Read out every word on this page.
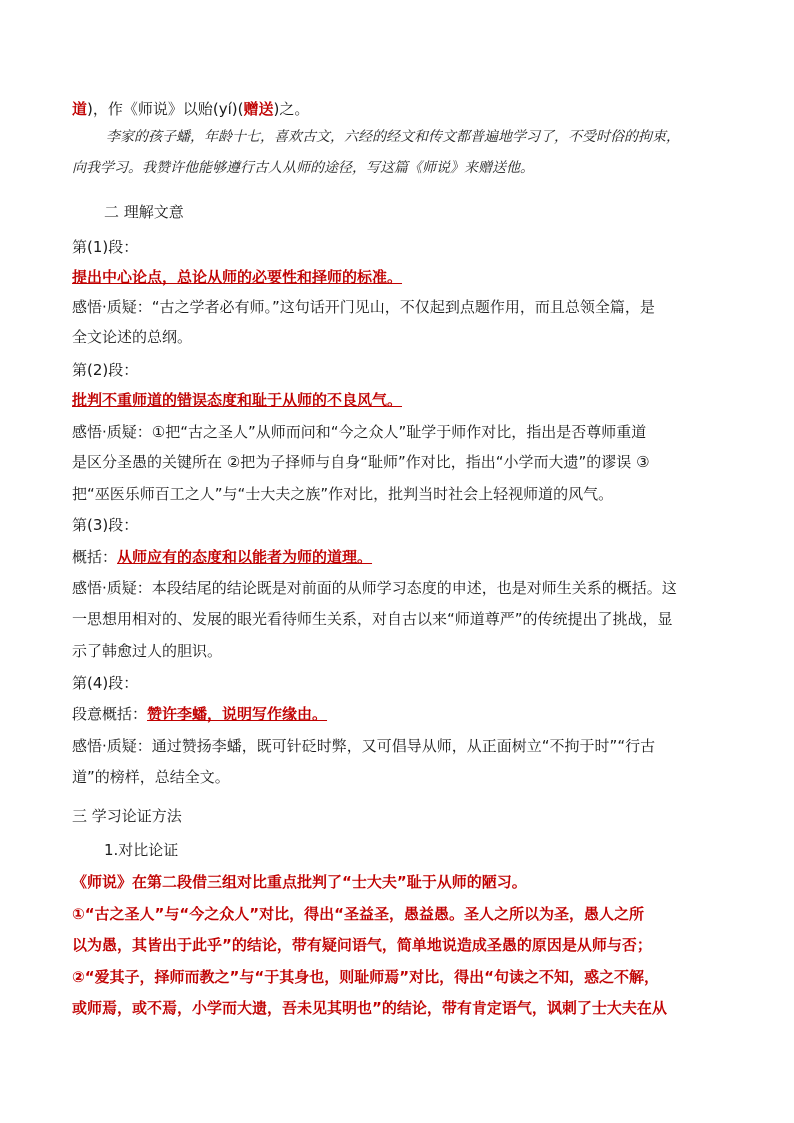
道)，作《师说》以贻(yí)(赠送)之。
李家的孩子蟠，年龄十七，喜欢古文，六经的经文和传文都普遍地学习了，不受时俗的拘束，
向我学习。我赞许他能够遵行古人从师的途径，写这篇《师说》来赠送他。
二 理解文意
第(1)段：
提出中心论点，总论从师的必要性和择师的标准。
感悟·质疑：“古之学者必有师。”这句话开门见山，不仅起到点题作用，而且总领全篇，是
全文论述的总纲。
第(2)段：
批判不重师道的错误态度和耻于从师的不良风气。
感悟·质疑：①把“古之圣人”从师而问和“今之众人”耻学于师作对比，指出是否尊师重道
是区分圣愚的关键所在 ②把为子择师与自身“耻师”作对比，指出“小学而大遗”的谬误 ③
把“巫医乐师百工之人”与“士大夫之族”作对比，批判当时社会上轻视师道的风气。
第(3)段：
概括：从师应有的态度和以能者为师的道理。
感悟·质疑：本段结尾的结论既是对前面的从师学习态度的申述，也是对师生关系的概括。这
一思想用相对的、发展的眼光看待师生关系，对自古以来“师道尊严”的传统提出了挑战，显
示了韩愈过人的胆识。
第(4)段：
段意概括：赞许李蟠，说明写作缘由。
感悟·质疑：通过赞扬李蟠，既可针砭时弊，又可倡导从师，从正面树立“不拘于时”“行古
道”的榜样，总结全文。
三 学习论证方法
1.对比论证
《师说》在第二段借三组对比重点批判了“士大夫”耻于从师的陋习。
①“古之圣人”与“今之众人”对比，得出“圣益圣，愚益愚。圣人之所以为圣，愚人之所
以为愚，其皆出于此乎”的结论，带有疑问语气，简单地说造成圣愚的原因是从师与否；
②“爱其子，择师而教之”与“于其身也，则耻师焉”对比，得出“句读之不知，惑之不解，
或师焉，或不焉，小学而大遗，吾未见其明也”的结论，带有肯定语气，讽刺了士大夫在从
